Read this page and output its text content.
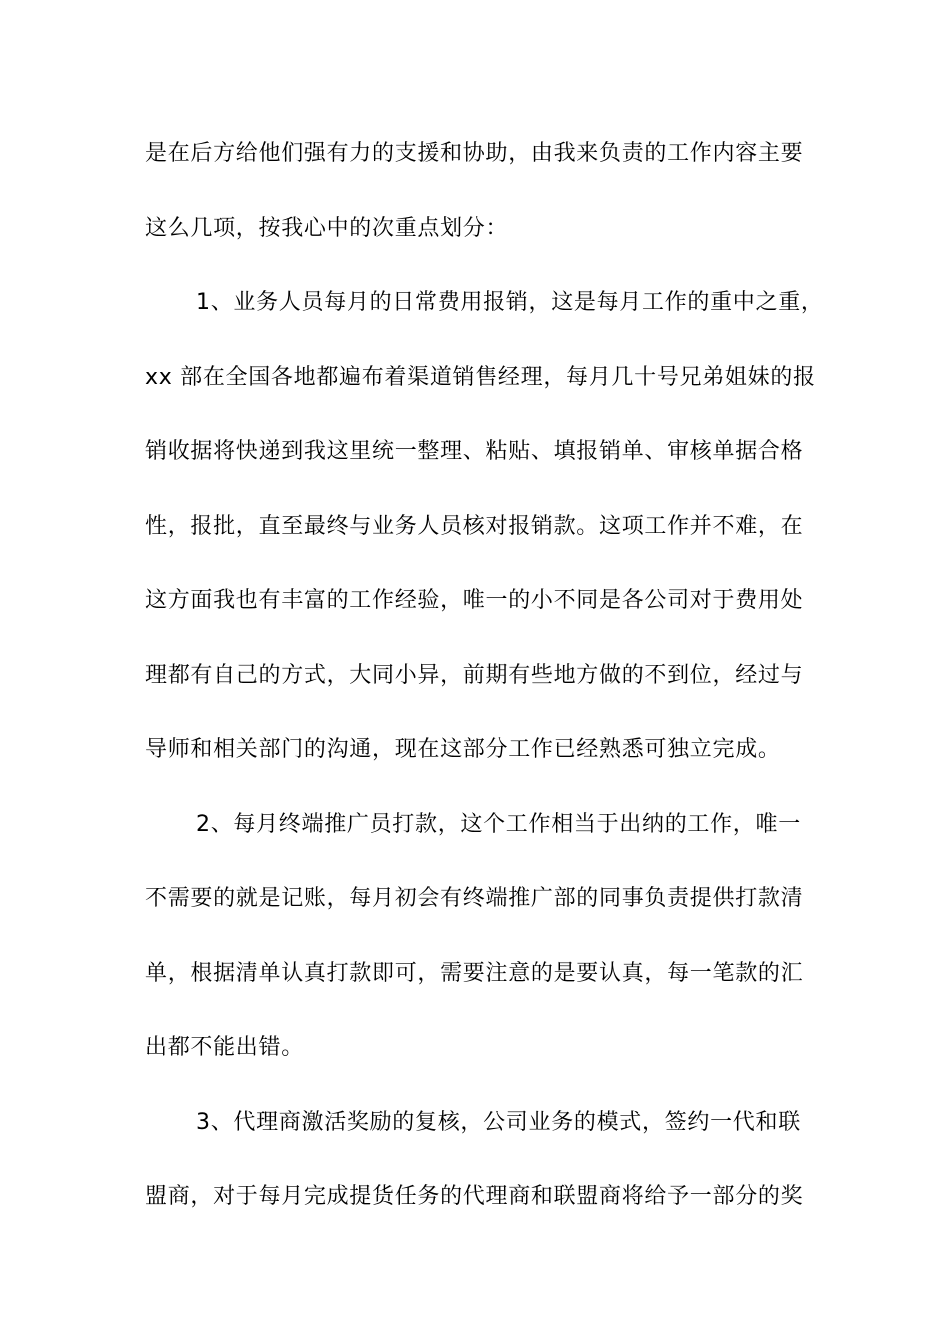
是在后方给他们强有力的支援和协助，由我来负责的工作内容主要
这么几项，按我心中的次重点划分：
1、业务人员每月的日常费用报销，这是每月工作的重中之重，
xx 部在全国各地都遍布着渠道销售经理，每月几十号兄弟姐妹的报
销收据将快递到我这里统一整理、粘贴、填报销单、审核单据合格
性，报批，直至最终与业务人员核对报销款。这项工作并不难，在
这方面我也有丰富的工作经验，唯一的小不同是各公司对于费用处
理都有自己的方式，大同小异，前期有些地方做的不到位，经过与
导师和相关部门的沟通，现在这部分工作已经熟悉可独立完成。
2、每月终端推广员打款，这个工作相当于出纳的工作，唯一
不需要的就是记账，每月初会有终端推广部的同事负责提供打款清
单，根据清单认真打款即可，需要注意的是要认真，每一笔款的汇
出都不能出错。
3、代理商激活奖励的复核，公司业务的模式，签约一代和联
盟商，对于每月完成提货任务的代理商和联盟商将给予一部分的奖
